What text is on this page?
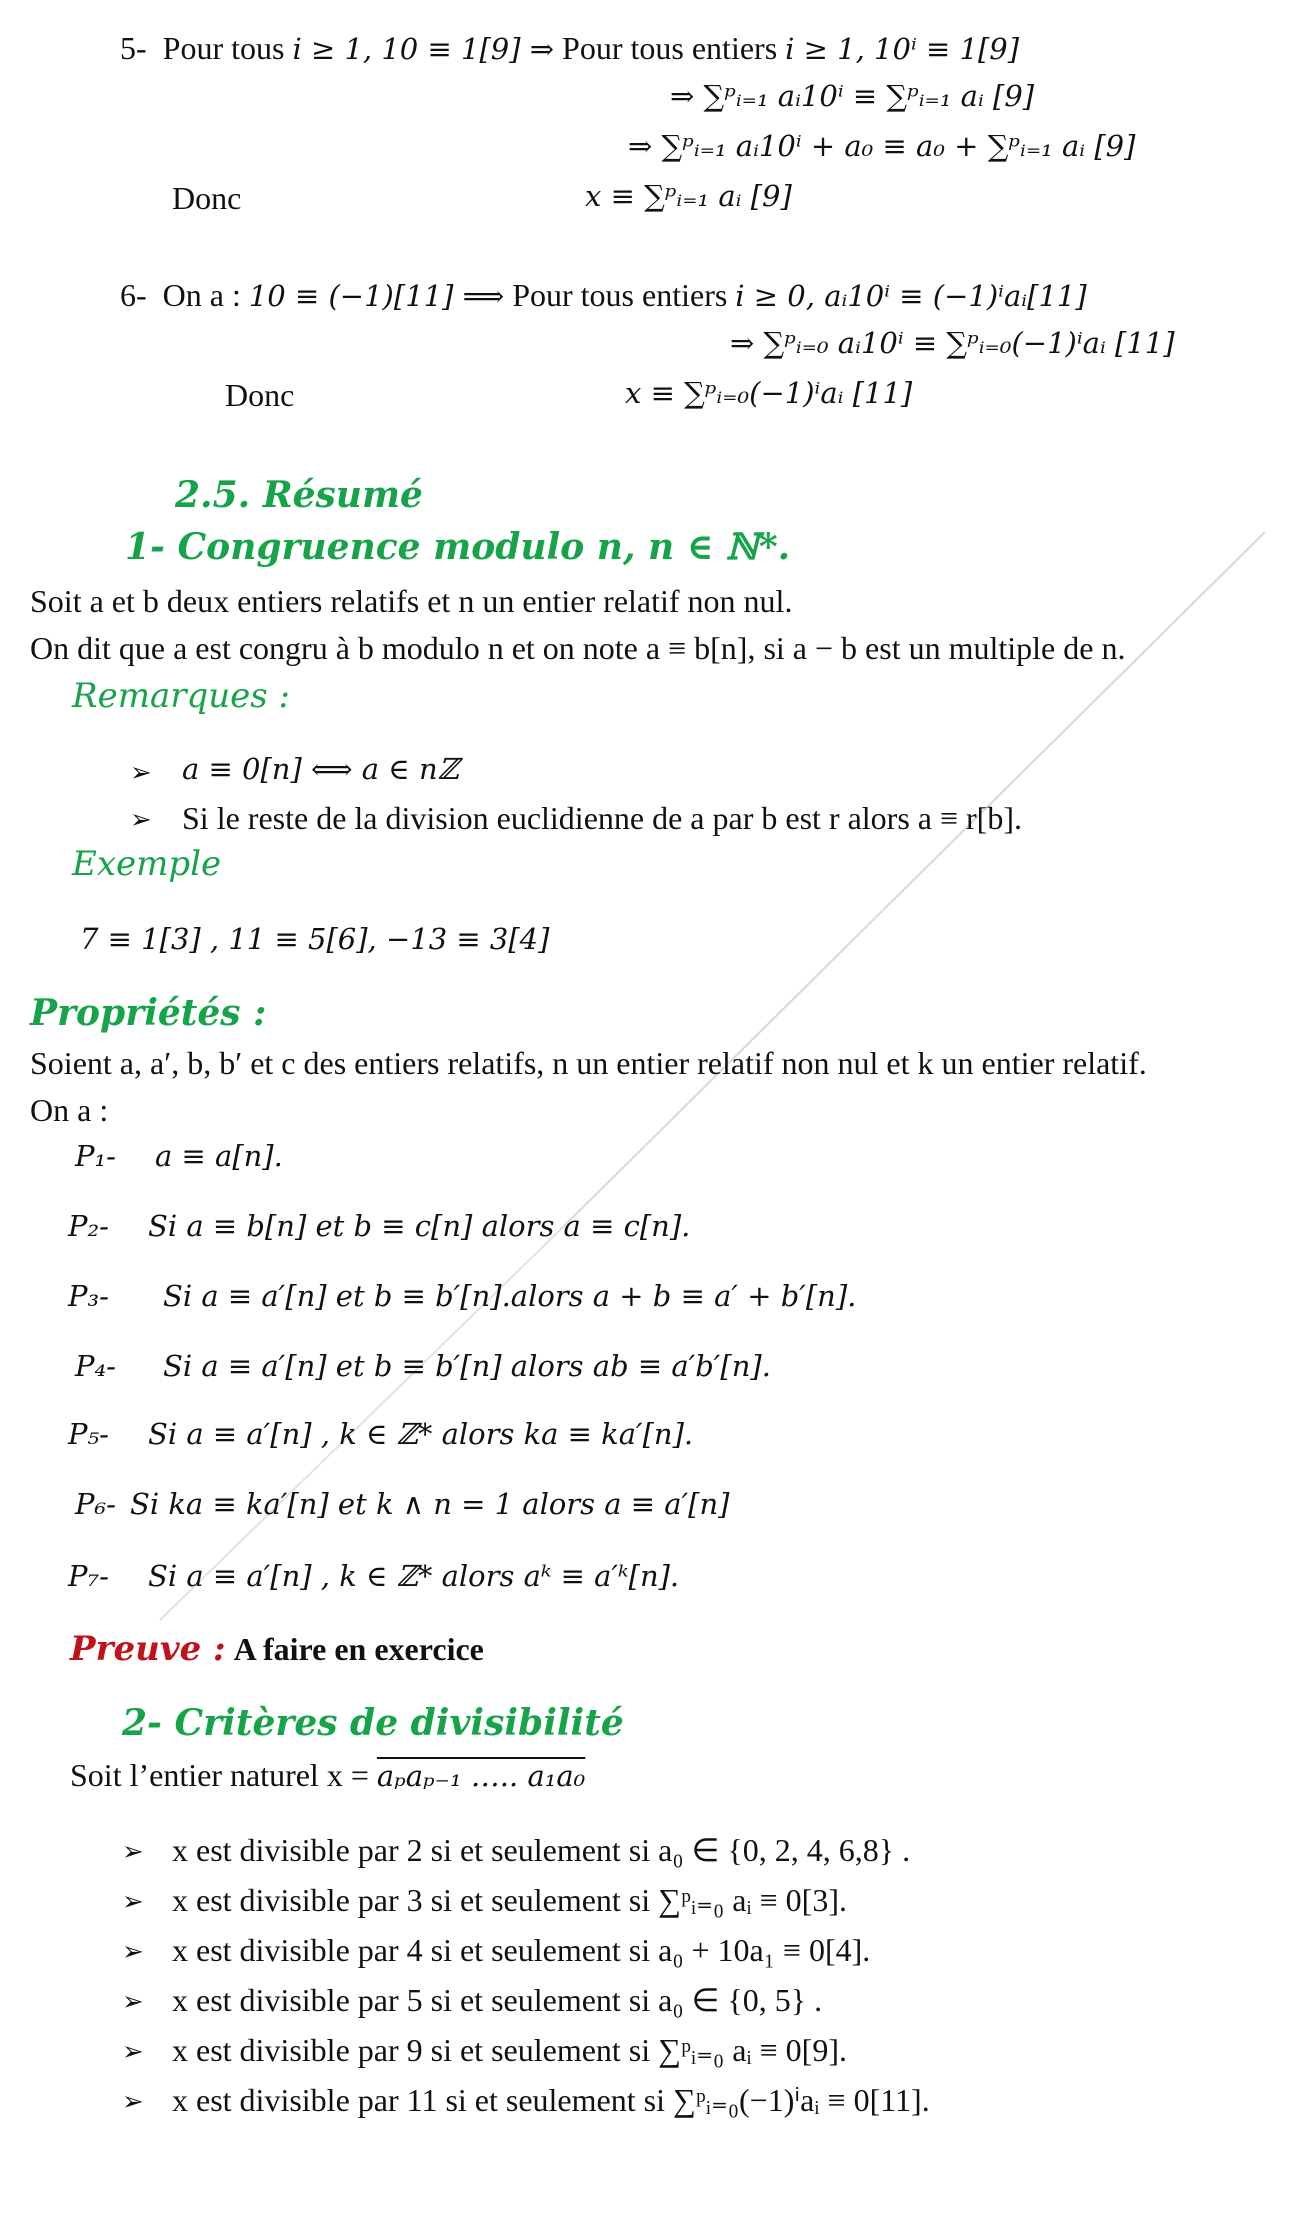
5- Pour tous i ≥ 1, 10 ≡ 1[9] ⇒ Pour tous entiers i ≥ 1, 10ⁱ ≡ 1[9]
⇒ ∑ᵖᵢ₌₁ aᵢ10ⁱ ≡ ∑ᵖᵢ₌₁ aᵢ [9]
⇒ ∑ᵖᵢ₌₁ aᵢ10ⁱ + a₀ ≡ a₀ + ∑ᵖᵢ₌₁ aᵢ [9]
Donc	x ≡ ∑ᵖᵢ₌₁ aᵢ [9]
6- On a : 10 ≡ (−1)[11] ⟹ Pour tous entiers i ≥ 0, aᵢ10ⁱ ≡ (−1)ⁱaᵢ[11]
⇒ ∑ᵖᵢ₌₀ aᵢ10ⁱ ≡ ∑ᵖᵢ₌₀(−1)ⁱaᵢ [11]
Donc	x ≡ ∑ᵖᵢ₌₀(−1)ⁱaᵢ [11]
2.5. Résumé
1- Congruence modulo n, n ∈ ℕ*.
Soit a et b deux entiers relatifs et n un entier relatif non nul.
On dit que a est congru à b modulo n et on note a ≡ b[n], si a − b est un multiple de n.
Remarques :
➢ a ≡ 0[n] ⟺ a ∈ nℤ
➢ Si le reste de la division euclidienne de a par b est r alors a ≡ r[b].
Exemple
7 ≡ 1[3] , 11 ≡ 5[6], −13 ≡ 3[4]
Propriétés :
Soient a, a′, b, b′ et c des entiers relatifs, n un entier relatif non nul et k un entier relatif.
On a :
P₁- a ≡ a[n].
P₂- Si a ≡ b[n] et b ≡ c[n] alors a ≡ c[n].
P₃- Si a ≡ a′[n] et b ≡ b′[n].alors a + b ≡ a′ + b′[n].
P₄- Si a ≡ a′[n] et b ≡ b′[n] alors ab ≡ a′b′[n].
P₅- Si a ≡ a′[n] , k ∈ ℤ* alors ka ≡ ka′[n].
P₆- Si ka ≡ ka′[n] et k ∧ n = 1 alors a ≡ a′[n]
P₇- Si a ≡ a′[n] , k ∈ ℤ* alors aᵏ ≡ a′ᵏ[n].
Preuve : A faire en exercice
2- Critères de divisibilité
Soit l’entier naturel x = aₚaₚ₋₁ ….. a₁a₀
➢ x est divisible par 2 si et seulement si a₀ ∈ {0, 2, 4, 6,8} .
➢ x est divisible par 3 si et seulement si ∑ᵖᵢ₌₀ aᵢ ≡ 0[3].
➢ x est divisible par 4 si et seulement si a₀ + 10a₁ ≡ 0[4].
➢ x est divisible par 5 si et seulement si a₀ ∈ {0, 5} .
➢ x est divisible par 9 si et seulement si ∑ᵖᵢ₌₀ aᵢ ≡ 0[9].
➢ x est divisible par 11 si et seulement si ∑ᵖᵢ₌₀(−1)ⁱaᵢ ≡ 0[11].
